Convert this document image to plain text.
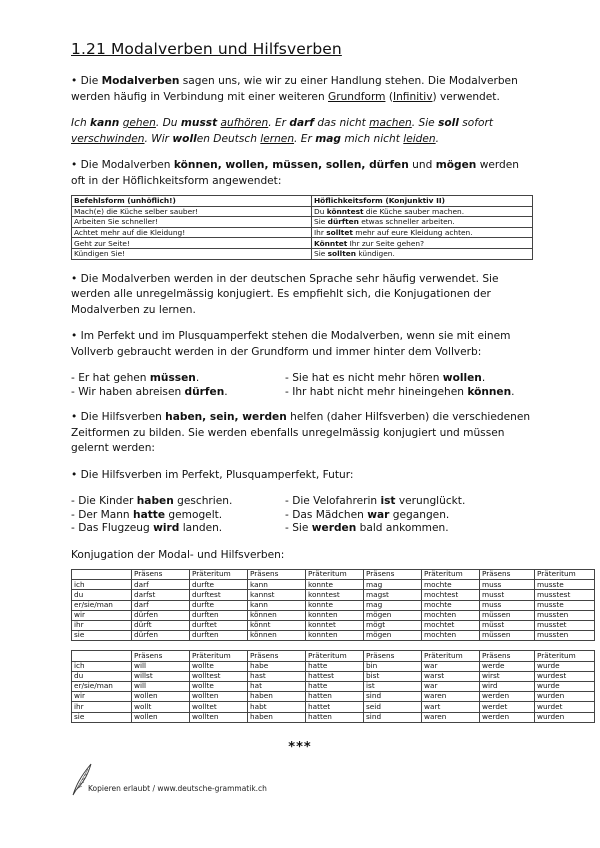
1.21 Modalverben und Hilfsverben

• Die Modalverben sagen uns, wie wir zu einer Handlung stehen. Die Modalverben werden häufig in Verbindung mit einer weiteren Grundform (Infinitiv) verwendet.

Ich kann gehen. Du musst aufhören. Er darf das nicht machen. Sie soll sofort verschwinden. Wir wollen Deutsch lernen. Er mag mich nicht leiden.

• Die Modalverben können, wollen, müssen, sollen, dürfen und mögen werden oft in der Höflichkeitsform angewendet:

Befehlsform (unhöflich!)	Höflichkeitsform (Konjunktiv II)
Mach(e) die Küche selber sauber!	Du könntest die Küche sauber machen.
Arbeiten Sie schneller!	Sie dürften etwas schneller arbeiten.
Achtet mehr auf die Kleidung!	Ihr solltet mehr auf eure Kleidung achten.
Geht zur Seite!	Könntet Ihr zur Seite gehen?
Kündigen Sie!	Sie sollten kündigen.

• Die Modalverben werden in der deutschen Sprache sehr häufig verwendet. Sie werden alle unregelmässig konjugiert. Es empfiehlt sich, die Konjugationen der Modalverben zu lernen.

• Im Perfekt und im Plusquamperfekt stehen die Modalverben, wenn sie mit einem Vollverb gebraucht werden in der Grundform und immer hinter dem Vollverb:

- Er hat gehen müssen.
- Wir haben abreisen dürfen.
- Sie hat es nicht mehr hören wollen.
- Ihr habt nicht mehr hineingehen können.

• Die Hilfsverben haben, sein, werden helfen (daher Hilfsverben) die verschiedenen Zeitformen zu bilden. Sie werden ebenfalls unregelmässig konjugiert und müssen gelernt werden:

• Die Hilfsverben im Perfekt, Plusquamperfekt, Futur:

- Die Kinder haben geschrien.
- Der Mann hatte gemogelt.
- Das Flugzeug wird landen.
- Die Velofahrerin ist verunglückt.
- Das Mädchen war gegangen.
- Sie werden bald ankommen.

Konjugation der Modal- und Hilfsverben:

	Präsens	Präteritum	Präsens	Präteritum	Präsens	Präteritum	Präsens	Präteritum
ich	darf	durfte	kann	konnte	mag	mochte	muss	musste
du	darfst	durftest	kannst	konntest	magst	mochtest	musst	musstest
er/sie/man	darf	durfte	kann	konnte	mag	mochte	muss	musste
wir	dürfen	durften	können	konnten	mögen	mochten	müssen	mussten
ihr	dürft	durftet	könnt	konntet	mögt	mochtet	müsst	musstet
sie	dürfen	durften	können	konnten	mögen	mochten	müssen	mussten
	Präsens	Präteritum	Präsens	Präteritum	Präsens	Präteritum	Präsens	Präteritum
ich	will	wollte	habe	hatte	bin	war	werde	wurde
du	willst	wolltest	hast	hattest	bist	warst	wirst	wurdest
er/sie/man	will	wollte	hat	hatte	ist	war	wird	wurde
wir	wollen	wollten	haben	hatten	sind	waren	werden	wurden
ihr	wollt	wolltet	habt	hattet	seid	wart	werdet	wurdet
sie	wollen	wollten	haben	hatten	sind	waren	werden	wurden
***
Kopieren erlaubt / www.deutsche-grammatik.ch
